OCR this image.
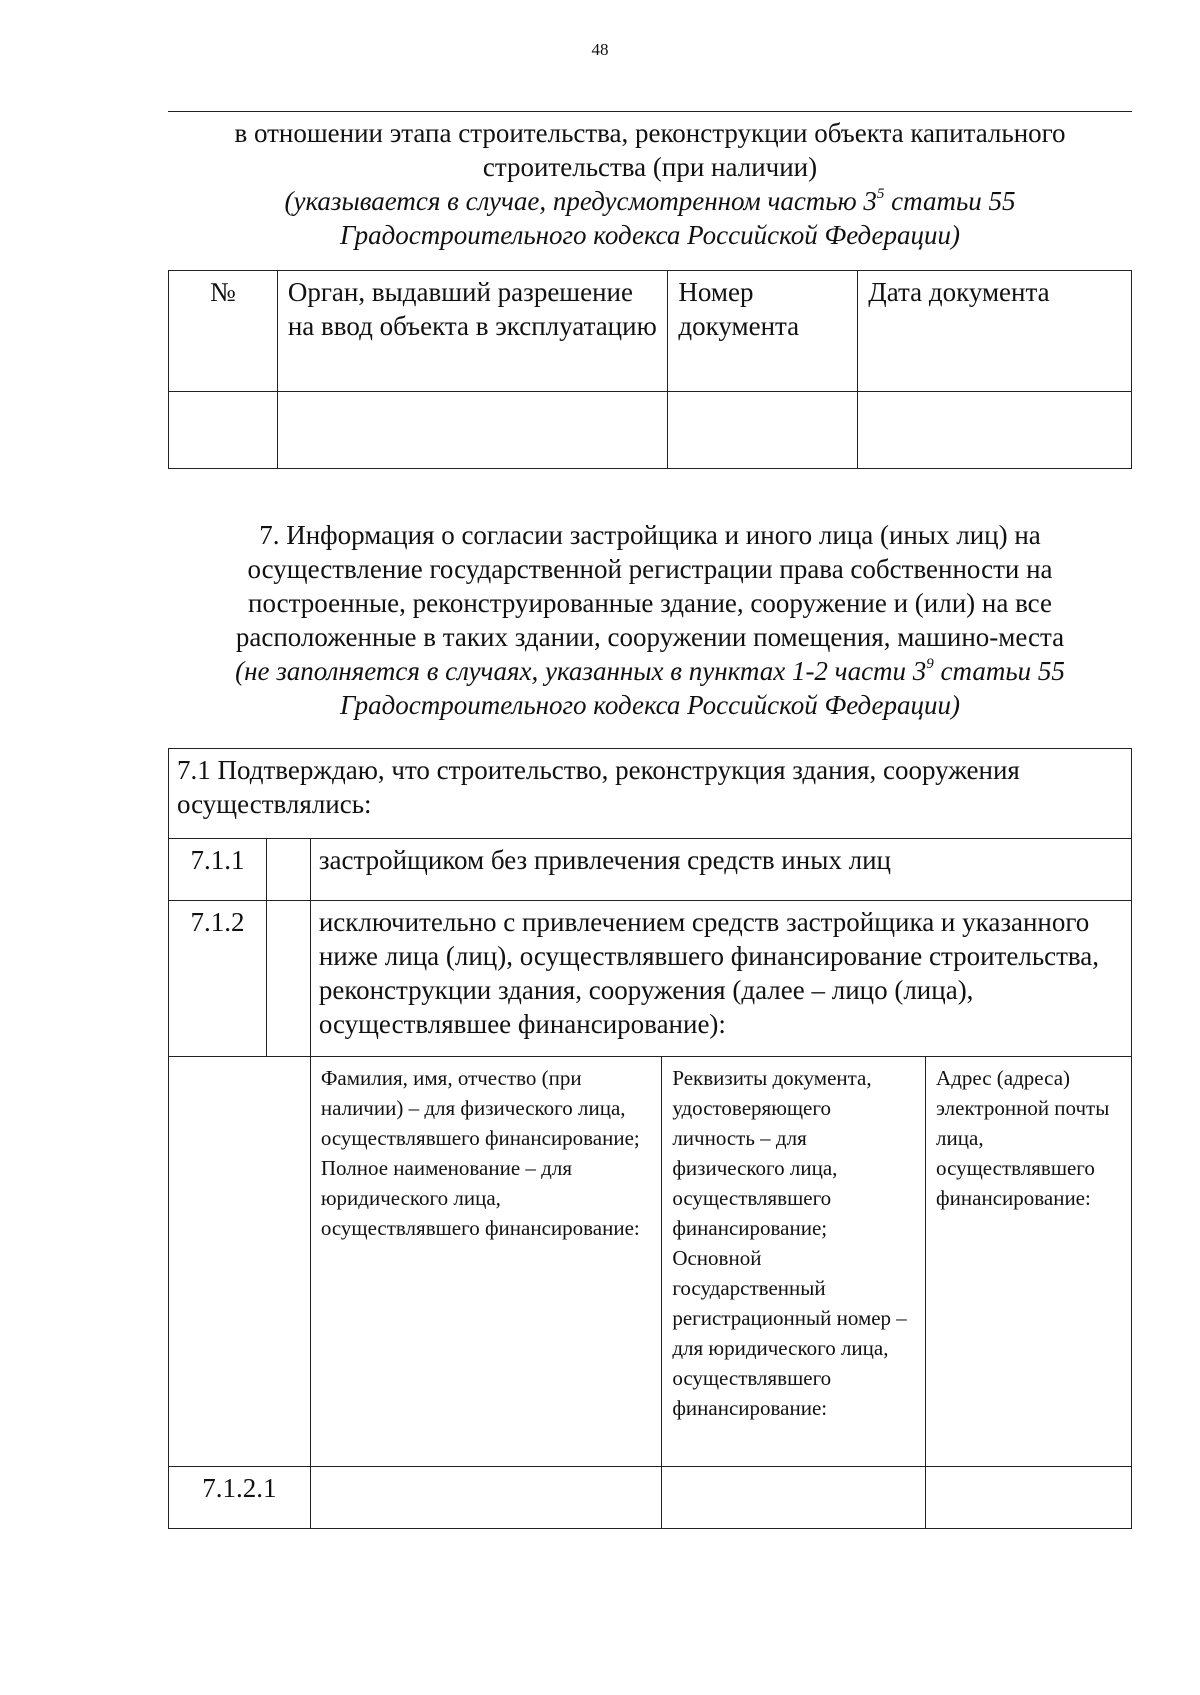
48
в отношении этапа строительства, реконструкции объекта капитального
строительства (при наличии)
(указывается в случае, предусмотренном частью $3^5$ статьи 55
Градостроительного кодекса Российской Федерации)
№	Орган, выдавший разрешение на ввод объекта в эксплуатацию	Номер документа	Дата документа

7. Информация о согласии застройщика и иного лица (иных лиц) на
осуществление государственной регистрации права собственности на
построенные, реконструированные здание, сооружение и (или) на все
расположенные в таких здании, сооружении помещения, машино-места
(не заполняется в случаях, указанных в пунктах 1-2 части $3^9$ статьи 55
Градостроительного кодекса Российской Федерации)
7.1 Подтверждаю, что строительство, реконструкция здания, сооружения осуществлялись:				
7.1.1		застройщиком без привлечения средств иных лиц		
7.1.2		исключительно с привлечением средств застройщика и указанного ниже лица (лиц), осуществлявшего финансирование строительства, реконструкции здания, сооружения (далее – лицо (лица), осуществлявшее финансирование):		
		Фамилия, имя, отчество (при наличии) – для физического лица, осуществлявшего финансирование; Полное наименование – для юридического лица, осуществлявшего финансирование:	Реквизиты документа, удостоверяющего личность – для физического лица, осуществлявшего финансирование; Основной государственный регистрационный номер – для юридического лица, осуществлявшего финансирование:	Адрес (адреса) электронной почты лица, осуществлявшего финансирование:
7.1.2.1				
